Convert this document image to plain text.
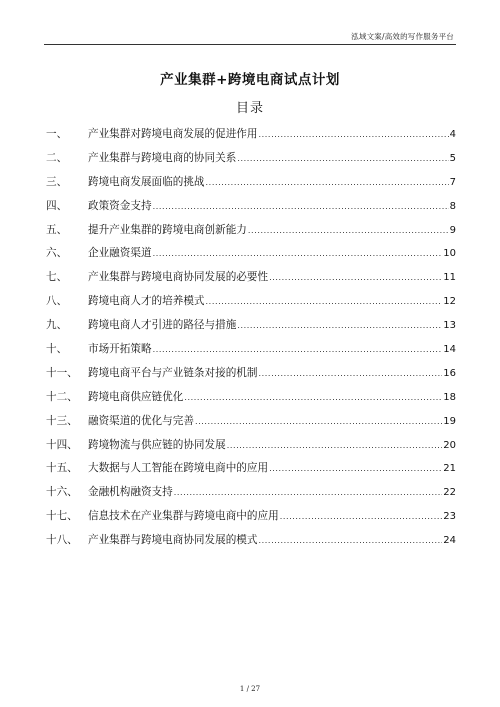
泓域文案/高效的写作服务平台
产业集群+跨境电商试点计划
目录
一、	产业集群对跨境电商发展的促进作用 .....	4
二、	产业集群与跨境电商的协同关系 .....	5
三、	跨境电商发展面临的挑战 .....	7
四、	政策资金支持 .....	8
五、	提升产业集群的跨境电商创新能力 .....	9
六、	企业融资渠道 .....	10
七、	产业集群与跨境电商协同发展的必要性 .....	11
八、	跨境电商人才的培养模式 .....	12
九、	跨境电商人才引进的路径与措施 .....	13
十、	市场开拓策略 .....	14
十一、 跨境电商平台与产业链条对接的机制 .....	16
十二、 跨境电商供应链优化 .....	18
十三、 融资渠道的优化与完善 .....	19
十四、 跨境物流与供应链的协同发展 .....	20
十五、 大数据与人工智能在跨境电商中的应用 .....	21
十六、 金融机构融资支持 .....	22
十七、 信息技术在产业集群与跨境电商中的应用 .....	23
十八、 产业集群与跨境电商协同发展的模式 .....	24
1 / 27
